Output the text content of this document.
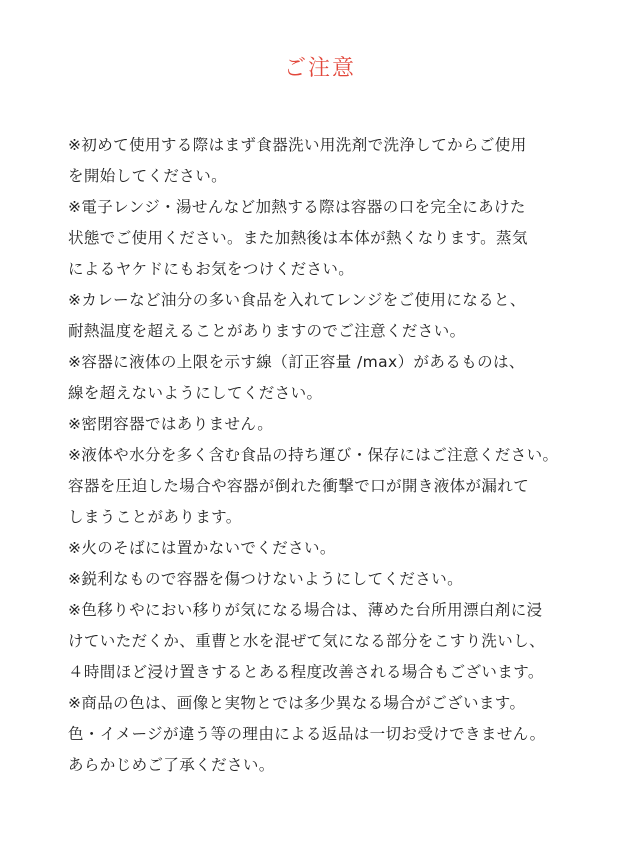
ご注意
※初めて使用する際はまず食器洗い用洗剤で洗浄してからご使用
を開始してください。
※電子レンジ・湯せんなど加熱する際は容器の口を完全にあけた
状態でご使用ください。また加熱後は本体が熱くなります。蒸気
によるヤケドにもお気をつけください。
※カレーなど油分の多い食品を入れてレンジをご使用になると、
耐熱温度を超えることがありますのでご注意ください。
※容器に液体の上限を示す線（訂正容量 /max）があるものは、
線を超えないようにしてください。
※密閉容器ではありません。
※液体や水分を多く含む食品の持ち運び・保存にはご注意ください。
容器を圧迫した場合や容器が倒れた衝撃で口が開き液体が漏れて
しまうことがあります。
※火のそばには置かないでください。
※鋭利なもので容器を傷つけないようにしてください。
※色移りやにおい移りが気になる場合は、薄めた台所用漂白剤に浸
けていただくか、重曹と水を混ぜて気になる部分をこすり洗いし、
４時間ほど浸け置きするとある程度改善される場合もございます。
※商品の色は、画像と実物とでは多少異なる場合がございます。
色・イメージが違う等の理由による返品は一切お受けできません。
あらかじめご了承ください。
